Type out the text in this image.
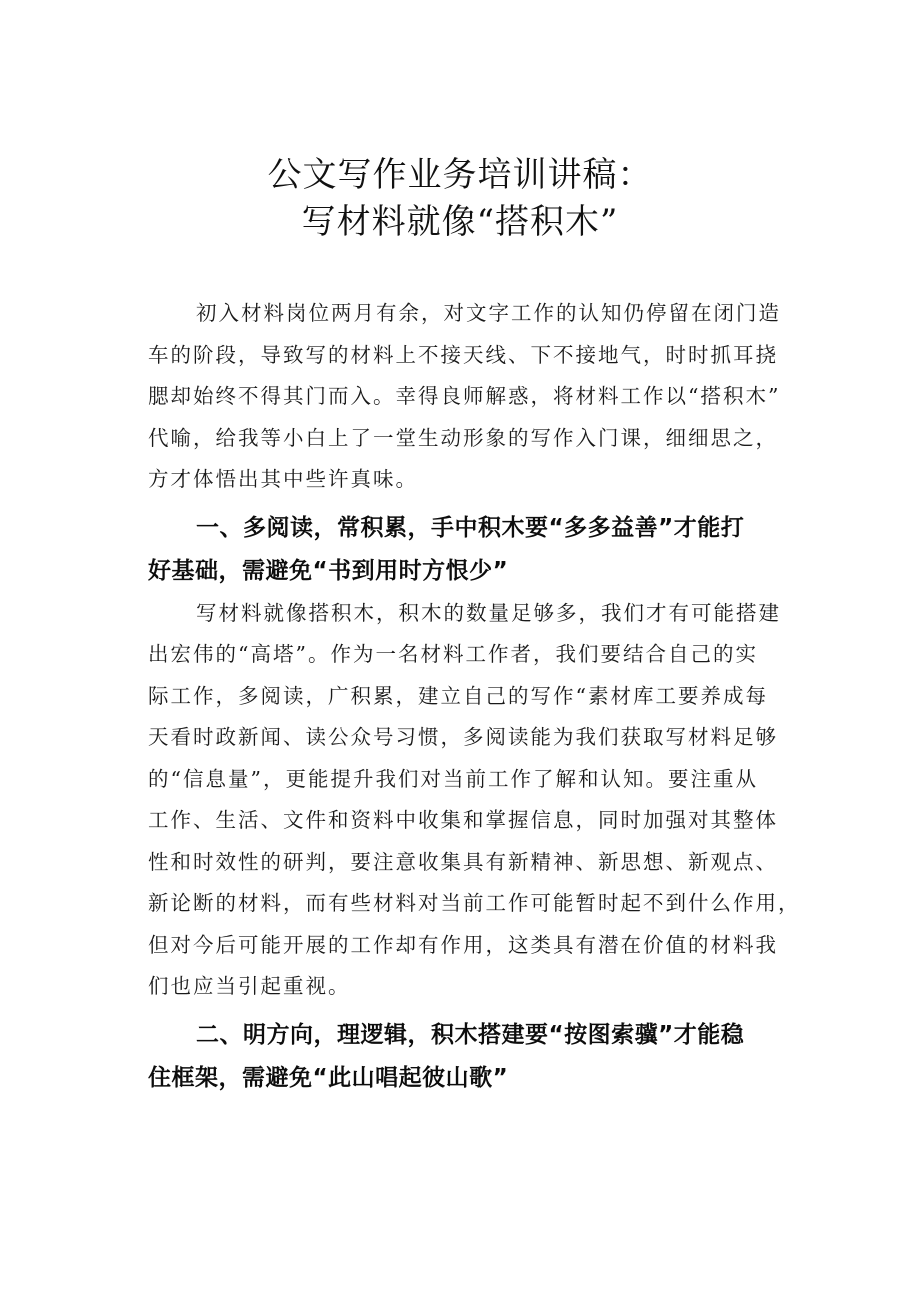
公文写作业务培训讲稿：
写材料就像“搭积木”

初入材料岗位两月有余，对文字工作的认知仍停留在闭门造
车的阶段，导致写的材料上不接天线、下不接地气，时时抓耳挠
腮却始终不得其门而入。幸得良师解惑，将材料工作以“搭积木”
代喻，给我等小白上了一堂生动形象的写作入门课，细细思之，
方才体悟出其中些许真味。

一、多阅读，常积累，手中积木要“多多益善”才能打
好基础，需避免“书到用时方恨少”

写材料就像搭积木，积木的数量足够多，我们才有可能搭建
出宏伟的“高塔”。作为一名材料工作者，我们要结合自己的实
际工作，多阅读，广积累，建立自己的写作“素材库工要养成每
天看时政新闻、读公众号习惯，多阅读能为我们获取写材料足够
的“信息量”，更能提升我们对当前工作了解和认知。要注重从
工作、生活、文件和资料中收集和掌握信息，同时加强对其整体
性和时效性的研判，要注意收集具有新精神、新思想、新观点、
新论断的材料，而有些材料对当前工作可能暂时起不到什么作用，
但对今后可能开展的工作却有作用，这类具有潜在价值的材料我
们也应当引起重视。

二、明方向，理逻辑，积木搭建要“按图索骥”才能稳
住框架，需避免“此山唱起彼山歌”
